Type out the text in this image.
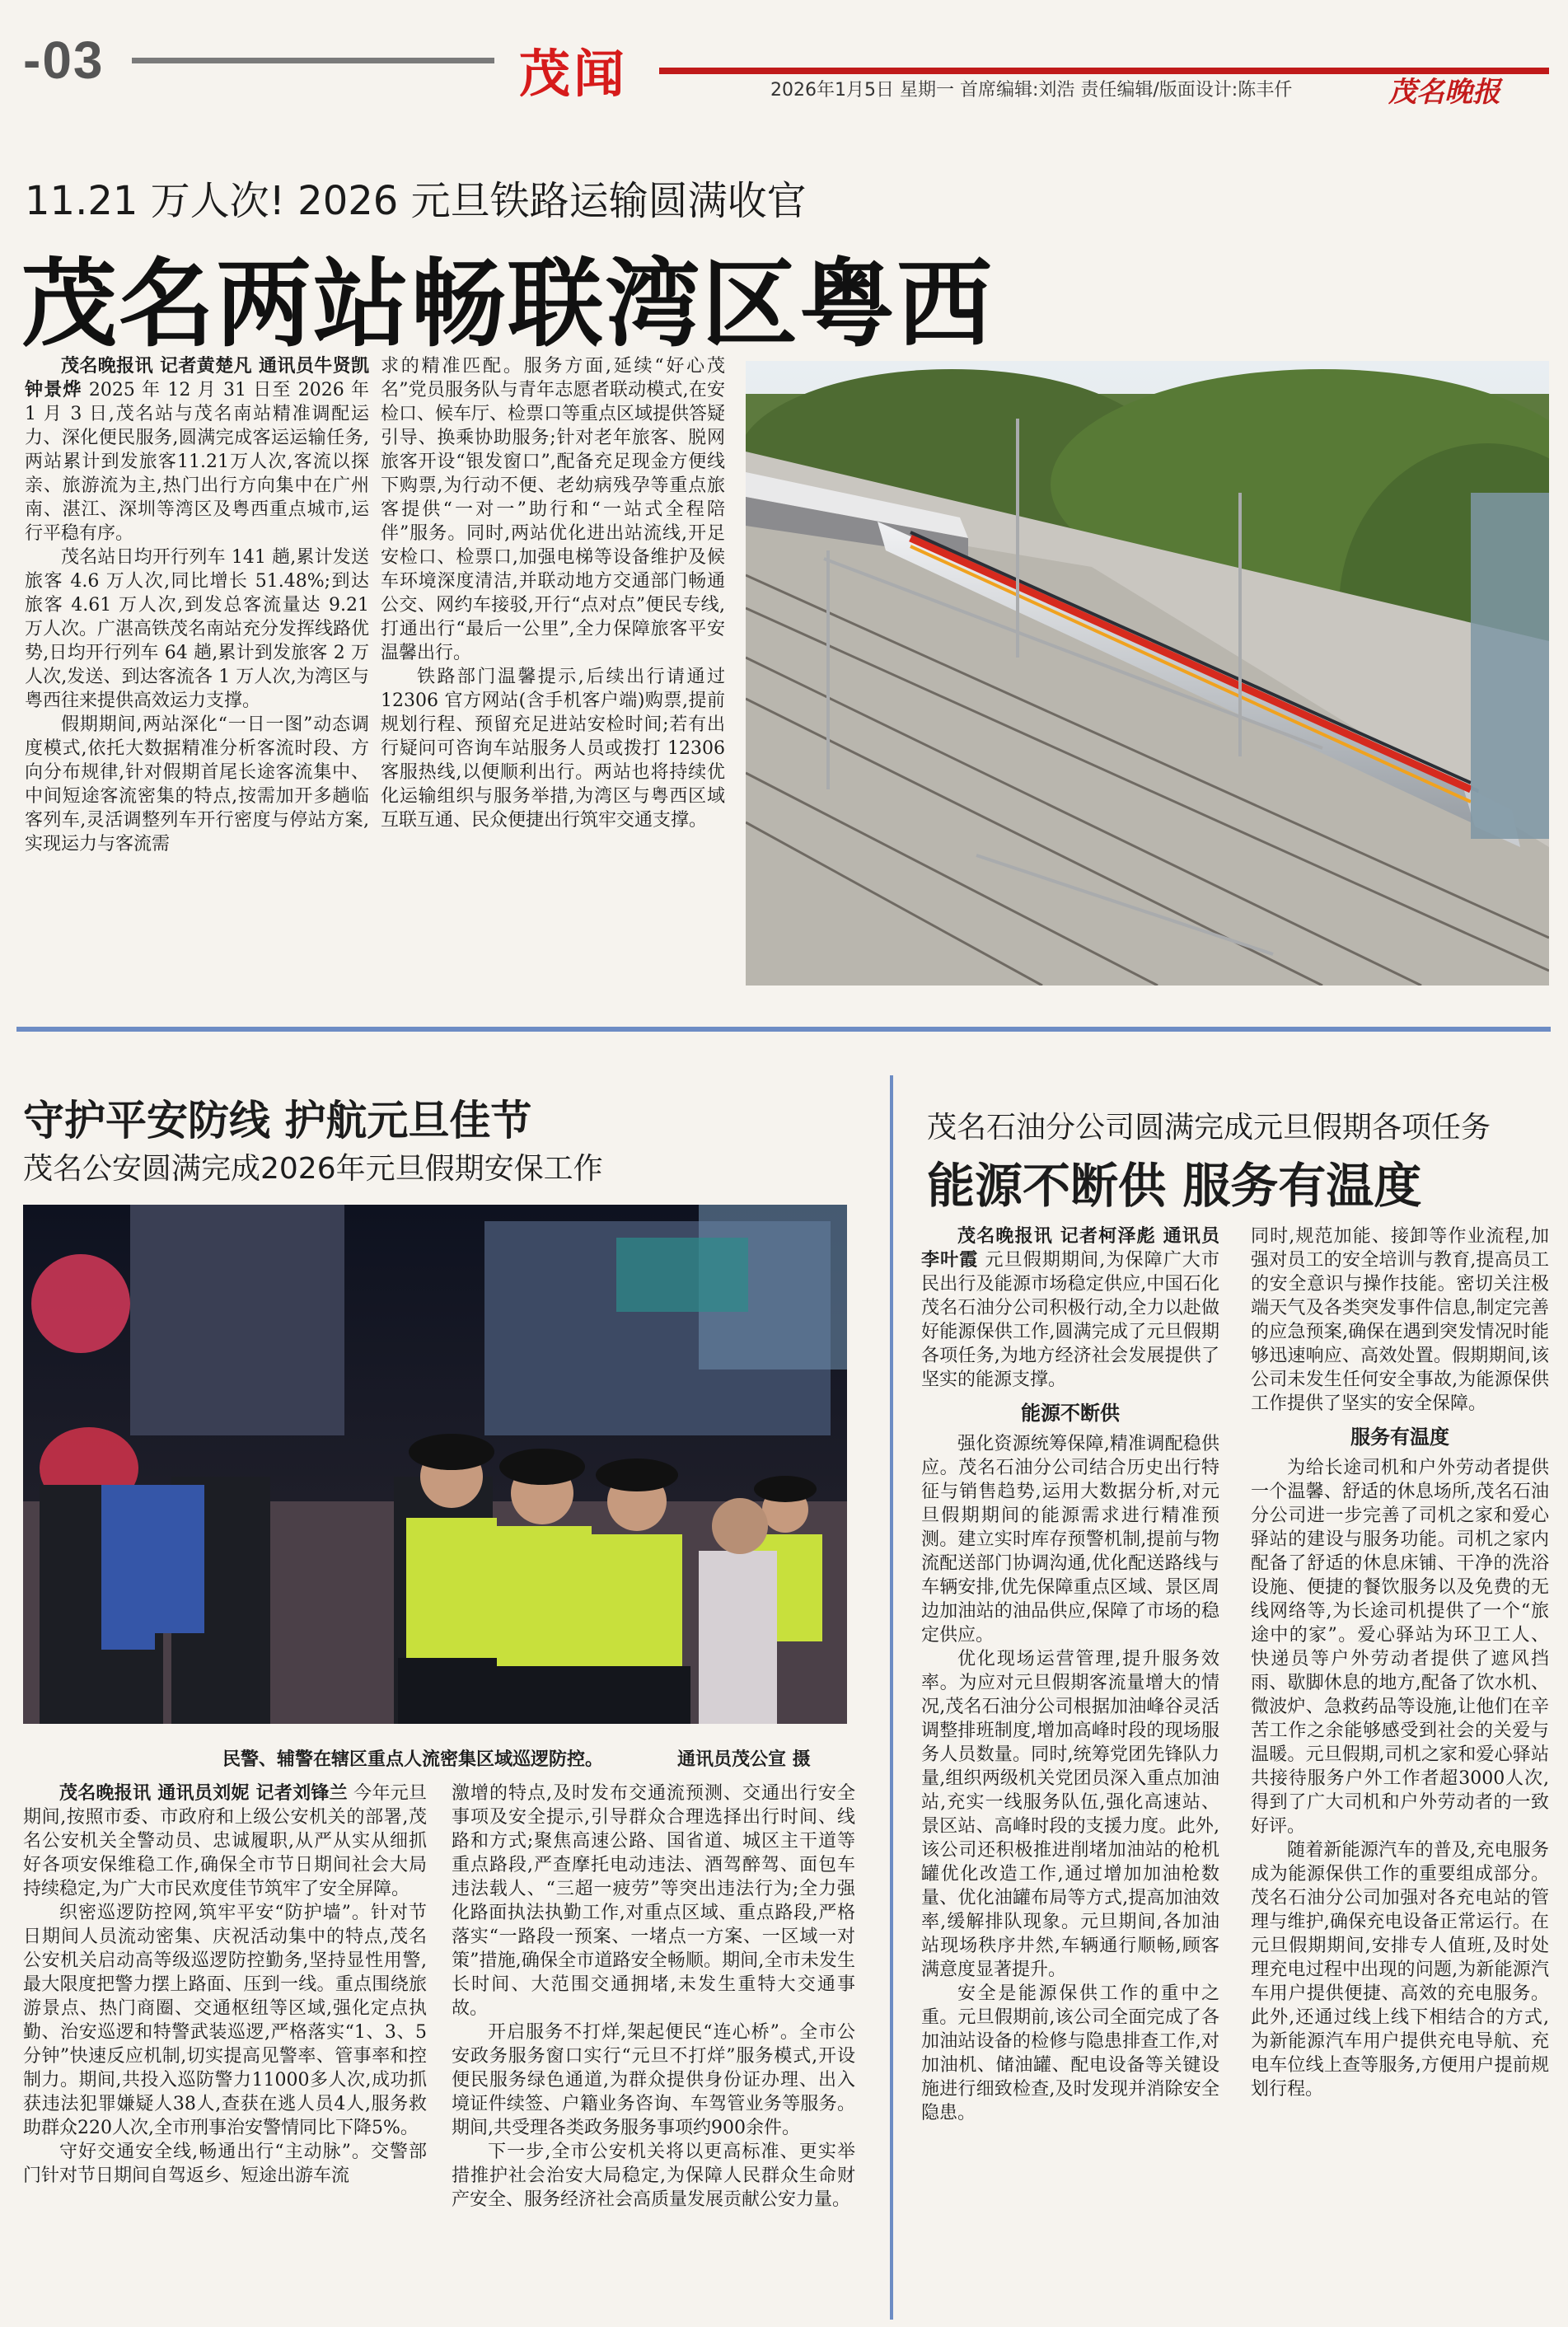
-03	茂闻	2026年1月5日 星期一 首席编辑:刘浩 责任编辑/版面设计:陈丰仟	茂名晚报
11.21 万人次! 2026 元旦铁路运输圆满收官
茂名两站畅联湾区粤西

茂名晚报讯 记者黄楚凡 通讯员牛贤凯 钟景烨 2025 年 12 月 31 日至 2026 年 1 月 3 日,茂名站与茂名南站精准调配运力、深化便民服务,圆满完成客运运输任务,两站累计到发旅客11.21万人次,客流以探亲、旅游流为主,热门出行方向集中在广州南、湛江、深圳等湾区及粤西重点城市,运行平稳有序。

茂名站日均开行列车 141 趟,累计发送旅客 4.6 万人次,同比增长 51.48%;到达旅客 4.61 万人次,到发总客流量达 9.21 万人次。广湛高铁茂名南站充分发挥线路优势,日均开行列车 64 趟,累计到发旅客 2 万人次,发送、到达客流各 1 万人次,为湾区与粤西往来提供高效运力支撑。

假期期间,两站深化“一日一图”动态调度模式,依托大数据精准分析客流时段、方向分布规律,针对假期首尾长途客流集中、中间短途客流密集的特点,按需加开多趟临客列车,灵活调整列车开行密度与停站方案,实现运力与客流需

求的精准匹配。服务方面,延续“好心茂名”党员服务队与青年志愿者联动模式,在安检口、候车厅、检票口等重点区域提供答疑引导、换乘协助服务;针对老年旅客、脱网旅客开设“银发窗口”,配备充足现金方便线下购票,为行动不便、老幼病残孕等重点旅客提供“一对一”助行和“一站式全程陪伴”服务。同时,两站优化进出站流线,开足安检口、检票口,加强电梯等设备维护及候车环境深度清洁,并联动地方交通部门畅通公交、网约车接驳,开行“点对点”便民专线,打通出行“最后一公里”,全力保障旅客平安温馨出行。

铁路部门温馨提示,后续出行请通过 12306 官方网站(含手机客户端)购票,提前规划行程、预留充足进站安检时间;若有出行疑问可咨询车站服务人员或拨打 12306 客服热线,以便顺利出行。两站也将持续优化运输组织与服务举措,为湾区与粤西区域互联互通、民众便捷出行筑牢交通支撑。

守护平安防线 护航元旦佳节
茂名公安圆满完成2026年元旦假期安保工作
民警、辅警在辖区重点人流密集区域巡逻防控。	通讯员茂公宣 摄

茂名晚报讯 通讯员刘妮 记者刘锋兰 今年元旦期间,按照市委、市政府和上级公安机关的部署,茂名公安机关全警动员、忠诚履职,从严从实从细抓好各项安保维稳工作,确保全市节日期间社会大局持续稳定,为广大市民欢度佳节筑牢了安全屏障。

织密巡逻防控网,筑牢平安“防护墙”。针对节日期间人员流动密集、庆祝活动集中的特点,茂名公安机关启动高等级巡逻防控勤务,坚持显性用警,最大限度把警力摆上路面、压到一线。重点围绕旅游景点、热门商圈、交通枢纽等区域,强化定点执勤、治安巡逻和特警武装巡逻,严格落实“1、3、5分钟”快速反应机制,切实提高见警率、管事率和控制力。期间,共投入巡防警力11000多人次,成功抓获违法犯罪嫌疑人38人,查获在逃人员4人,服务救助群众220人次,全市刑事治安警情同比下降5%。

守好交通安全线,畅通出行“主动脉”。交警部门针对节日期间自驾返乡、短途出游车流

激增的特点,及时发布交通流预测、交通出行安全事项及安全提示,引导群众合理选择出行时间、线路和方式;聚焦高速公路、国省道、城区主干道等重点路段,严查摩托电动违法、酒驾醉驾、面包车违法载人、“三超一疲劳”等突出违法行为;全力强化路面执法执勤工作,对重点区域、重点路段,严格落实“一路段一预案、一堵点一方案、一区域一对策”措施,确保全市道路安全畅顺。期间,全市未发生长时间、大范围交通拥堵,未发生重特大交通事故。

开启服务不打烊,架起便民“连心桥”。全市公安政务服务窗口实行“元旦不打烊”服务模式,开设便民服务绿色通道,为群众提供身份证办理、出入境证件续签、户籍业务咨询、车驾管业务等服务。期间,共受理各类政务服务事项约900余件。

下一步,全市公安机关将以更高标准、更实举措推护社会治安大局稳定,为保障人民群众生命财产安全、服务经济社会高质量发展贡献公安力量。

茂名石油分公司圆满完成元旦假期各项任务
能源不断供 服务有温度

茂名晚报讯 记者柯泽彪 通讯员李叶霞 元旦假期期间,为保障广大市民出行及能源市场稳定供应,中国石化茂名石油分公司积极行动,全力以赴做好能源保供工作,圆满完成了元旦假期各项任务,为地方经济社会发展提供了坚实的能源支撑。

能源不断供

强化资源统筹保障,精准调配稳供应。茂名石油分公司结合历史出行特征与销售趋势,运用大数据分析,对元旦假期期间的能源需求进行精准预测。建立实时库存预警机制,提前与物流配送部门协调沟通,优化配送路线与车辆安排,优先保障重点区域、景区周边加油站的油品供应,保障了市场的稳定供应。

优化现场运营管理,提升服务效率。为应对元旦假期客流量增大的情况,茂名石油分公司根据加油峰谷灵活调整排班制度,增加高峰时段的现场服务人员数量。同时,统筹党团先锋队力量,组织两级机关党团员深入重点加油站,充实一线服务队伍,强化高速站、景区站、高峰时段的支援力度。此外,该公司还积极推进削堵加油站的枪机罐优化改造工作,通过增加加油枪数量、优化油罐布局等方式,提高加油效率,缓解排队现象。元旦期间,各加油站现场秩序井然,车辆通行顺畅,顾客满意度显著提升。

安全是能源保供工作的重中之重。元旦假期前,该公司全面完成了各加油站设备的检修与隐患排查工作,对加油机、储油罐、配电设备等关键设施进行细致检查,及时发现并消除安全隐患。

同时,规范加能、接卸等作业流程,加强对员工的安全培训与教育,提高员工的安全意识与操作技能。密切关注极端天气及各类突发事件信息,制定完善的应急预案,确保在遇到突发情况时能够迅速响应、高效处置。假期期间,该公司未发生任何安全事故,为能源保供工作提供了坚实的安全保障。

服务有温度

为给长途司机和户外劳动者提供一个温馨、舒适的休息场所,茂名石油分公司进一步完善了司机之家和爱心驿站的建设与服务功能。司机之家内配备了舒适的休息床铺、干净的洗浴设施、便捷的餐饮服务以及免费的无线网络等,为长途司机提供了一个“旅途中的家”。爱心驿站为环卫工人、快递员等户外劳动者提供了遮风挡雨、歇脚休息的地方,配备了饮水机、微波炉、急救药品等设施,让他们在辛苦工作之余能够感受到社会的关爱与温暖。元旦假期,司机之家和爱心驿站共接待服务户外工作者超3000人次,得到了广大司机和户外劳动者的一致好评。

随着新能源汽车的普及,充电服务成为能源保供工作的重要组成部分。茂名石油分公司加强对各充电站的管理与维护,确保充电设备正常运行。在元旦假期期间,安排专人值班,及时处理充电过程中出现的问题,为新能源汽车用户提供便捷、高效的充电服务。此外,还通过线上线下相结合的方式,为新能源汽车用户提供充电导航、充电车位线上查等服务,方便用户提前规划行程。
